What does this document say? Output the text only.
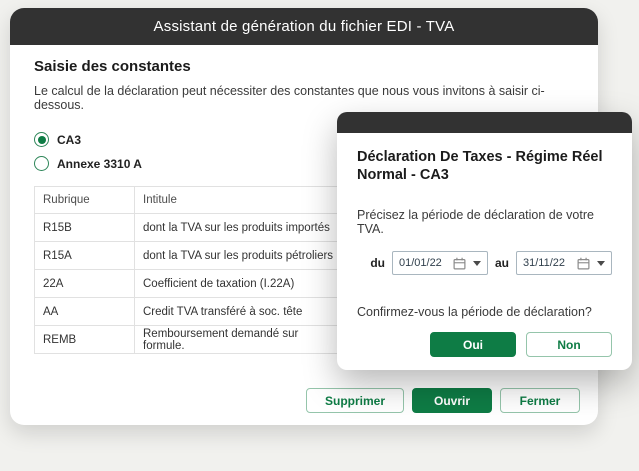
Assistant de génération du fichier EDI - TVA
Saisie des constantes

Le calcul de la déclaration peut nécessiter des constantes que nous vous invitons à saisir ci-dessous.

CA3
Annexe 3310 A
Rubrique	Intitule
R15B	dont la TVA sur les produits importés
R15A	dont la TVA sur les produits pétroliers
22A	Coefficient de taxation (I.22A)
AA	Credit TVA transféré à soc. tête
REMB	Remboursement demandé sur formule.
Supprimer	Ouvrir	Fermer
Déclaration De Taxes - Régime Réel Normal - CA3

Précisez la période de déclaration de votre TVA.

du 01/01/22	au 31/11/22

Confirmez-vous la période de déclaration?

Oui	Non
